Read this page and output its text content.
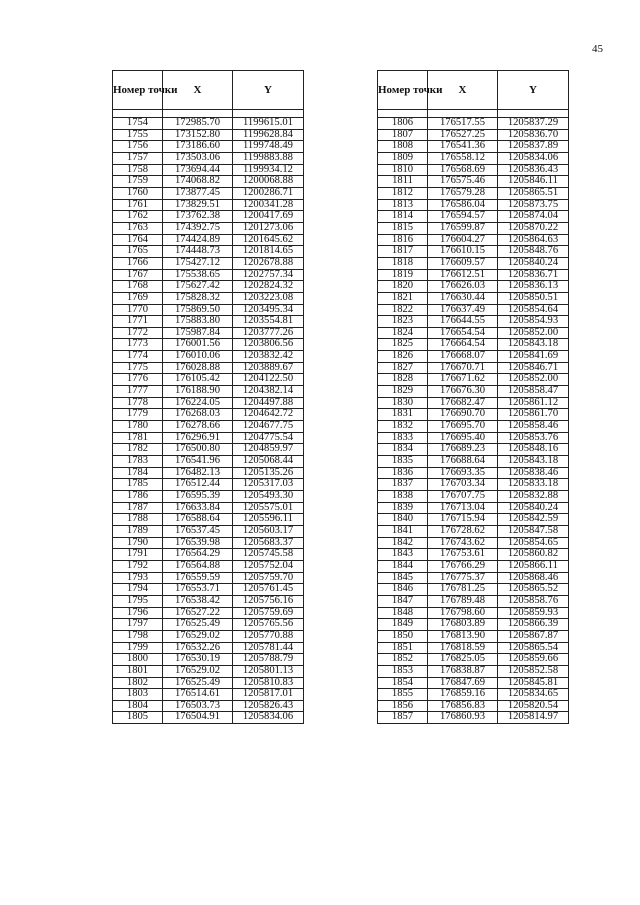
45
Номер точки	X	Y

1754	172985.70	1199615.01
1755	173152.80	1199628.84
1756	173186.60	1199748.49
1757	173503.06	1199883.88
1758	173694.44	1199934.12
1759	174068.82	1200068.88
1760	173877.45	1200286.71
1761	173829.51	1200341.28
1762	173762.38	1200417.69
1763	174392.75	1201273.06
1764	174424.89	1201645.62
1765	174448.73	1201814.65
1766	175427.12	1202678.88
1767	175538.65	1202757.34
1768	175627.42	1202824.32
1769	175828.32	1203223.08
1770	175869.50	1203495.34
1771	175883.80	1203554.81
1772	175987.84	1203777.26
1773	176001.56	1203806.56
1774	176010.06	1203832.42
1775	176028.88	1203889.67
1776	176105.42	1204122.50
1777	176188.90	1204382.14
1778	176224.05	1204497.88
1779	176268.03	1204642.72
1780	176278.66	1204677.75
1781	176296.91	1204775.54
1782	176500.80	1204859.97
1783	176541.96	1205068.44
1784	176482.13	1205135.26
1785	176512.44	1205317.03
1786	176595.39	1205493.30
1787	176633.84	1205575.01
1788	176588.64	1205596.11
1789	176537.45	1205603.17
1790	176539.98	1205683.37
1791	176564.29	1205745.58
1792	176564.88	1205752.04
1793	176559.59	1205759.70
1794	176553.71	1205761.45
1795	176538.42	1205756.16
1796	176527.22	1205759.69
1797	176525.49	1205765.56
1798	176529.02	1205770.88
1799	176532.26	1205781.44
1800	176530.19	1205788.79
1801	176529.02	1205801.13
1802	176525.49	1205810.83
1803	176514.61	1205817.01
1804	176503.73	1205826.43
1805	176504.91	1205834.06
Номер точки	X	Y

1806	176517.55	1205837.29
1807	176527.25	1205836.70
1808	176541.36	1205837.89
1809	176558.12	1205834.06
1810	176568.69	1205836.43
1811	176575.46	1205846.11
1812	176579.28	1205865.51
1813	176586.04	1205873.75
1814	176594.57	1205874.04
1815	176599.87	1205870.22
1816	176604.27	1205864.63
1817	176610.15	1205848.76
1818	176609.57	1205840.24
1819	176612.51	1205836.71
1820	176626.03	1205836.13
1821	176630.44	1205850.51
1822	176637.49	1205854.64
1823	176644.55	1205854.93
1824	176654.54	1205852.00
1825	176664.54	1205843.18
1826	176668.07	1205841.69
1827	176670.71	1205846.71
1828	176671.62	1205852.00
1829	176676.30	1205858.47
1830	176682.47	1205861.12
1831	176690.70	1205861.70
1832	176695.70	1205858.46
1833	176695.40	1205853.76
1834	176689.23	1205848.16
1835	176688.64	1205843.18
1836	176693.35	1205838.46
1837	176703.34	1205833.18
1838	176707.75	1205832.88
1839	176713.04	1205840.24
1840	176715.94	1205842.59
1841	176728.62	1205847.58
1842	176743.62	1205854.65
1843	176753.61	1205860.82
1844	176766.29	1205866.11
1845	176775.37	1205868.46
1846	176781.25	1205865.52
1847	176789.48	1205858.76
1848	176798.60	1205859.93
1849	176803.89	1205866.39
1850	176813.90	1205867.87
1851	176818.59	1205865.54
1852	176825.05	1205859.66
1853	176838.87	1205852.58
1854	176847.69	1205845.81
1855	176859.16	1205834.65
1856	176856.83	1205820.54
1857	176860.93	1205814.97
